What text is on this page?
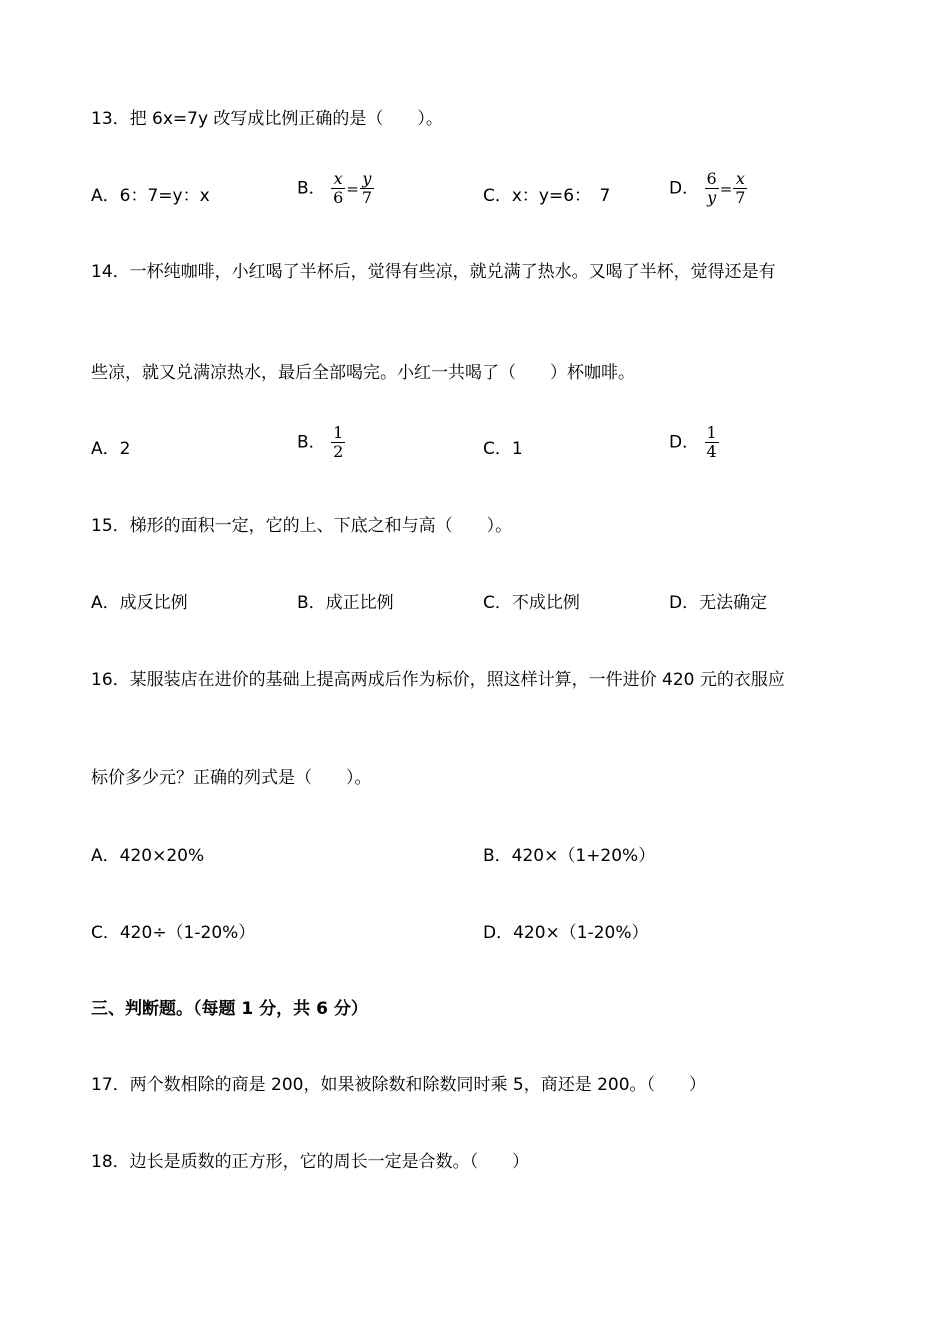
13．把 6x=7y 改写成比例正确的是（　　）。
A．6：7=y：x	B． $\frac{x}{6} = \frac{y}{7}$	C．x：y=6：　7	D． $\frac{6}{y} = \frac{x}{7}$
14．一杯纯咖啡，小红喝了半杯后，觉得有些凉，就兑满了热水。又喝了半杯，觉得还是有
些凉，就又兑满凉热水，最后全部喝完。小红一共喝了（　　）杯咖啡。
A．2	B． $\frac{1}{2}$	C．1	D． $\frac{1}{4}$
15．梯形的面积一定，它的上、下底之和与高（　　）。
A．成反比例	B．成正比例	C．不成比例	D．无法确定
16．某服装店在进价的基础上提高两成后作为标价，照这样计算，一件进价 420 元的衣服应
标价多少元？正确的列式是（　　）。
A．420×20%	B．420×（1+20%）
C．420÷（1-20%）	D．420×（1-20%）
三、判断题。（每题 1 分，共 6 分）
17．两个数相除的商是 200，如果被除数和除数同时乘 5，商还是 200。（　　）
18．边长是质数的正方形，它的周长一定是合数。（　　）
